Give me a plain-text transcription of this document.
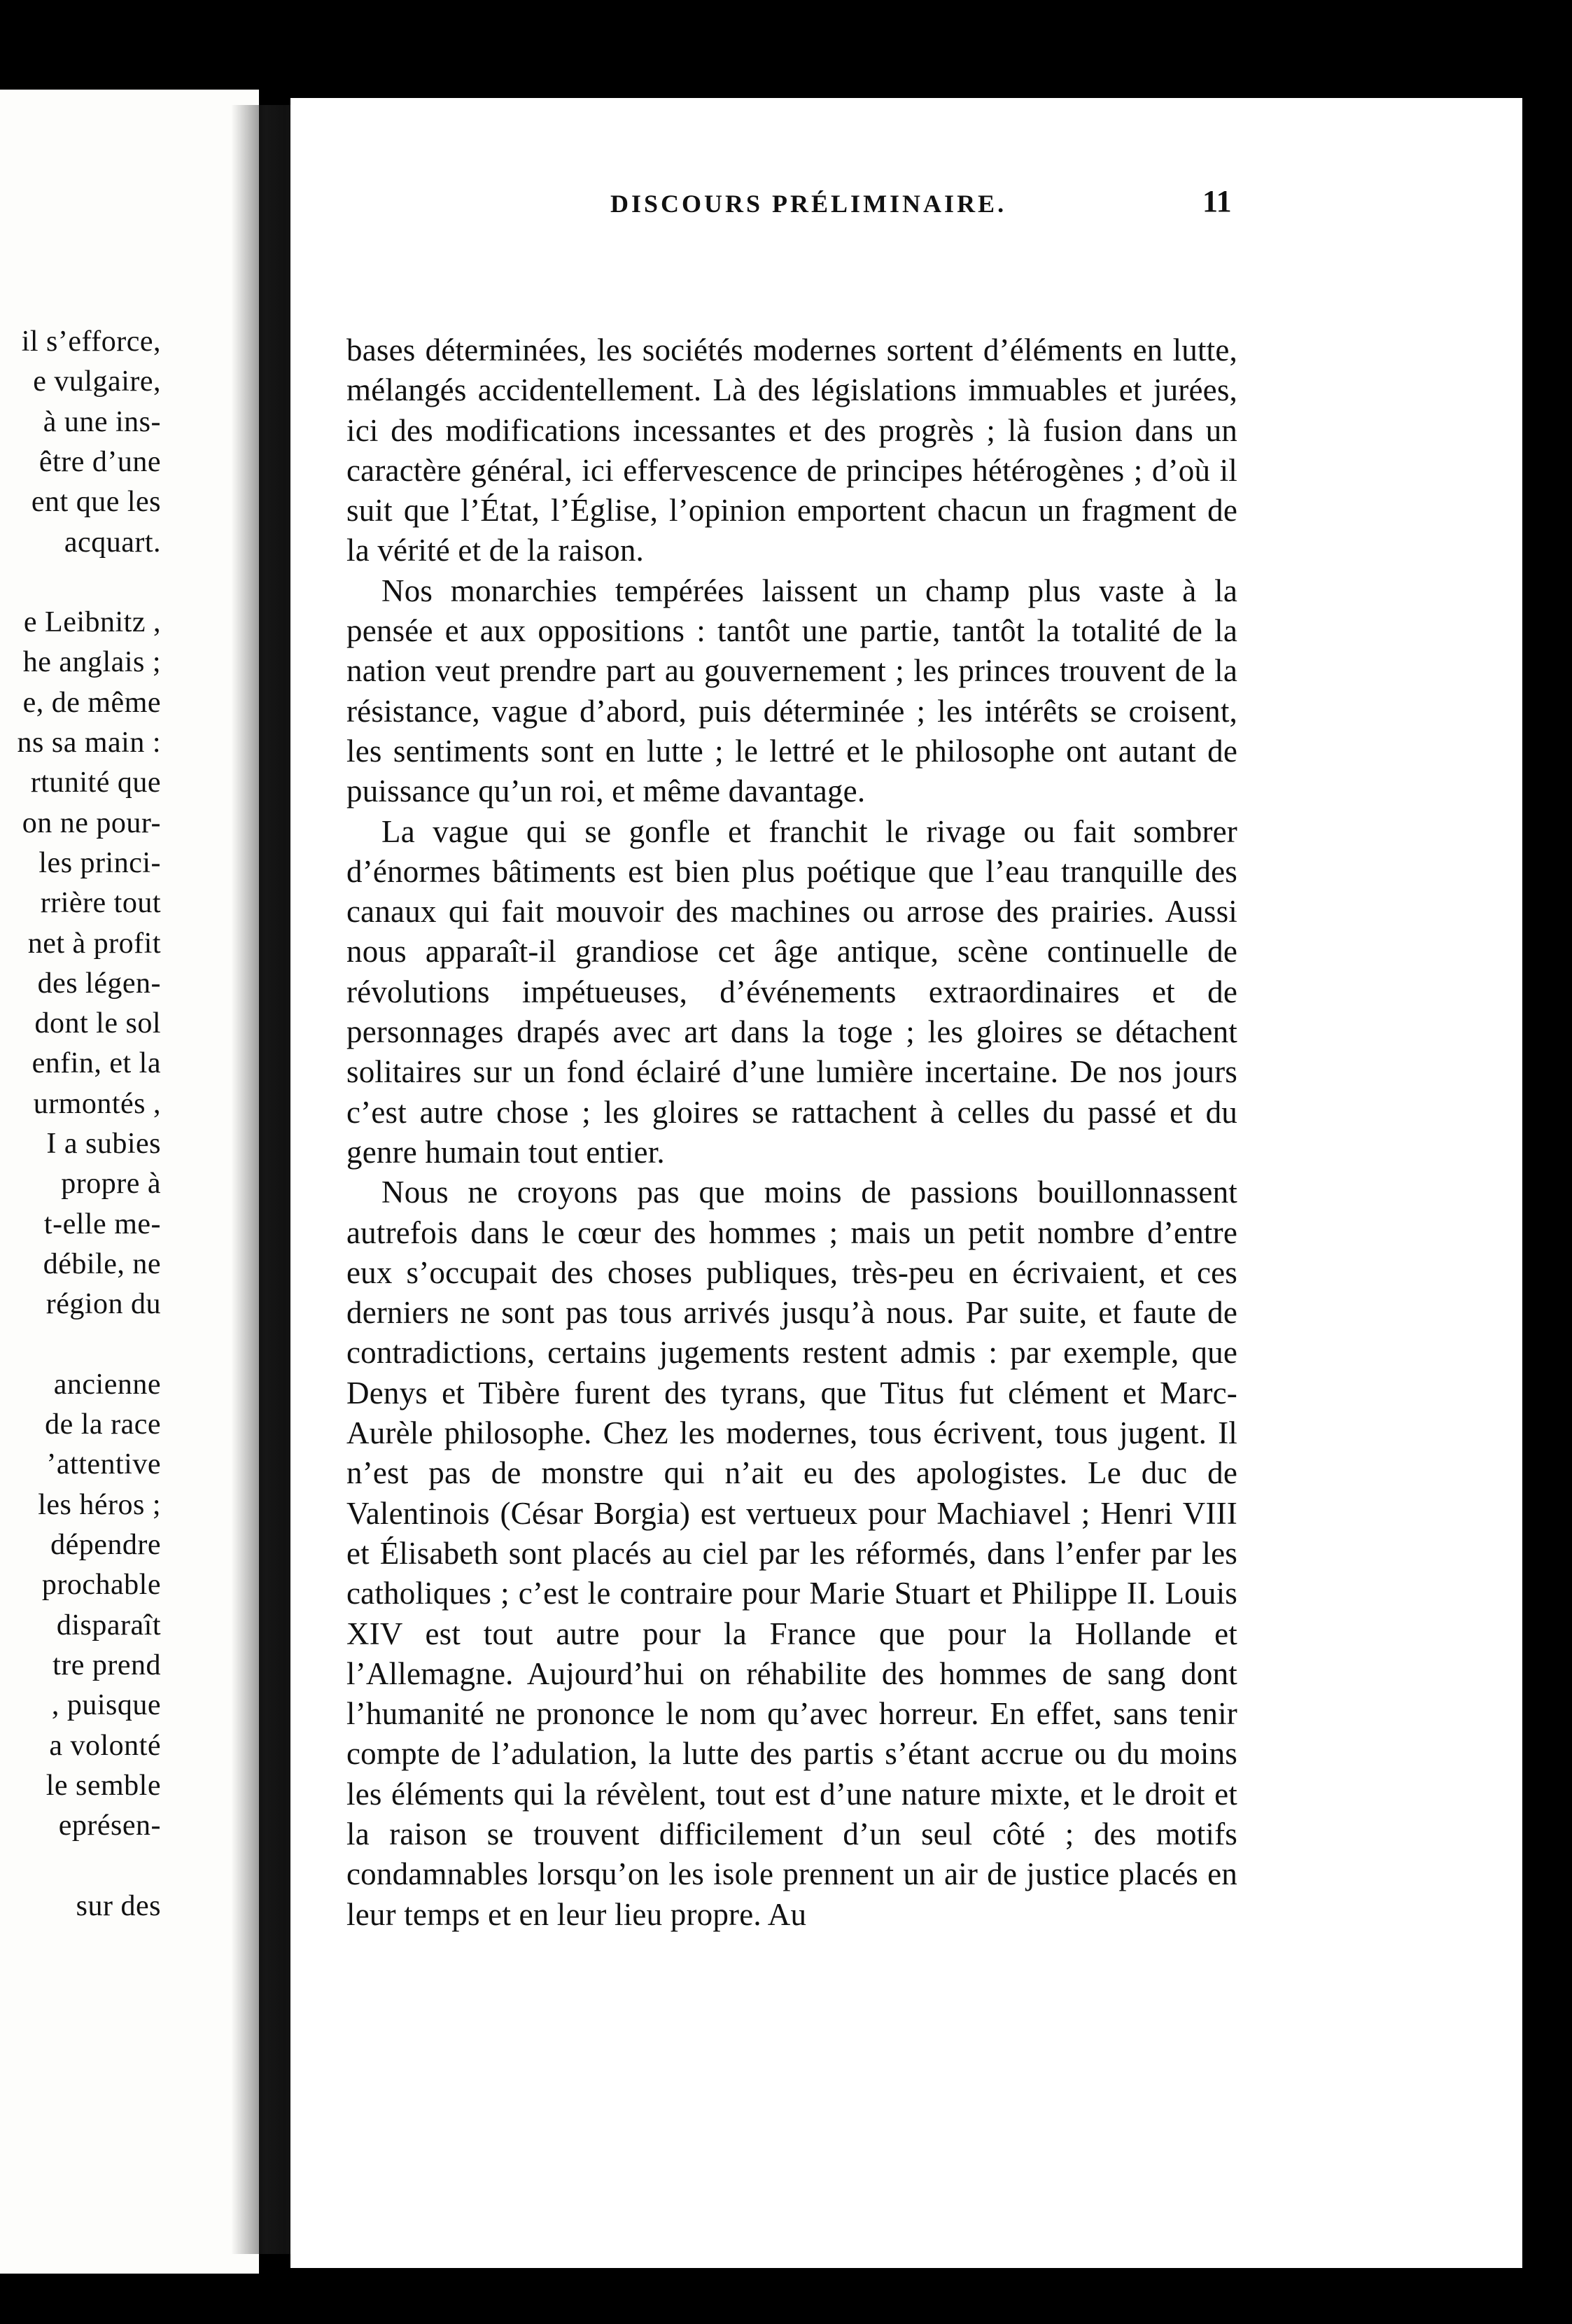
il s’efforce,
e vulgaire,
à une ins-
être d’une
ent que les
acquart.
e Leibnitz ,
he anglais ;
e, de même
ns sa main :
rtunité que
on ne pour-
les princi-
rrière tout
net à profit
des légen-
dont le sol
enfin, et la
urmontés ,
I a subies
propre à
t-elle me-
débile, ne
région du
ancienne
de la race
’attentive
les héros ;
dépendre
prochable
disparaît
tre prend
, puisque
a volonté
le semble
eprésen-
sur des
DISCOURS PRÉLIMINAIRE.	11

bases déterminées, les sociétés modernes sortent d’éléments en lutte, mélangés accidentellement. Là des législations immuables et jurées, ici des modifications incessantes et des progrès ; là fusion dans un caractère général, ici effervescence de principes hétérogènes ; d’où il suit que l’État, l’Église, l’opinion emportent chacun un fragment de la vérité et de la raison.

Nos monarchies tempérées laissent un champ plus vaste à la pensée et aux oppositions : tantôt une partie, tantôt la totalité de la nation veut prendre part au gouvernement ; les princes trouvent de la résistance, vague d’abord, puis déterminée ; les intérêts se croisent, les sentiments sont en lutte ; le lettré et le philosophe ont autant de puissance qu’un roi, et même davantage.

La vague qui se gonfle et franchit le rivage ou fait sombrer d’énormes bâtiments est bien plus poétique que l’eau tranquille des canaux qui fait mouvoir des machines ou arrose des prairies. Aussi nous apparaît-il grandiose cet âge antique, scène continuelle de révolutions impétueuses, d’événements extraordinaires et de personnages drapés avec art dans la toge ; les gloires se détachent solitaires sur un fond éclairé d’une lumière incertaine. De nos jours c’est autre chose ; les gloires se rattachent à celles du passé et du genre humain tout entier.

Nous ne croyons pas que moins de passions bouillonnassent autrefois dans le cœur des hommes ; mais un petit nombre d’entre eux s’occupait des choses publiques, très-peu en écrivaient, et ces derniers ne sont pas tous arrivés jusqu’à nous. Par suite, et faute de contradictions, certains jugements restent admis : par exemple, que Denys et Tibère furent des tyrans, que Titus fut clément et Marc-Aurèle philosophe. Chez les modernes, tous écrivent, tous jugent. Il n’est pas de monstre qui n’ait eu des apologistes. Le duc de Valentinois (César Borgia) est vertueux pour Machiavel ; Henri VIII et Élisabeth sont placés au ciel par les réformés, dans l’enfer par les catholiques ; c’est le contraire pour Marie Stuart et Philippe II. Louis XIV est tout autre pour la France que pour la Hollande et l’Allemagne. Aujourd’hui on réhabilite des hommes de sang dont l’humanité ne prononce le nom qu’avec horreur. En effet, sans tenir compte de l’adulation, la lutte des partis s’étant accrue ou du moins les éléments qui la révèlent, tout est d’une nature mixte, et le droit et la raison se trouvent difficilement d’un seul côté ; des motifs condamnables lorsqu’on les isole prennent un air de justice placés en leur temps et en leur lieu propre. Au
